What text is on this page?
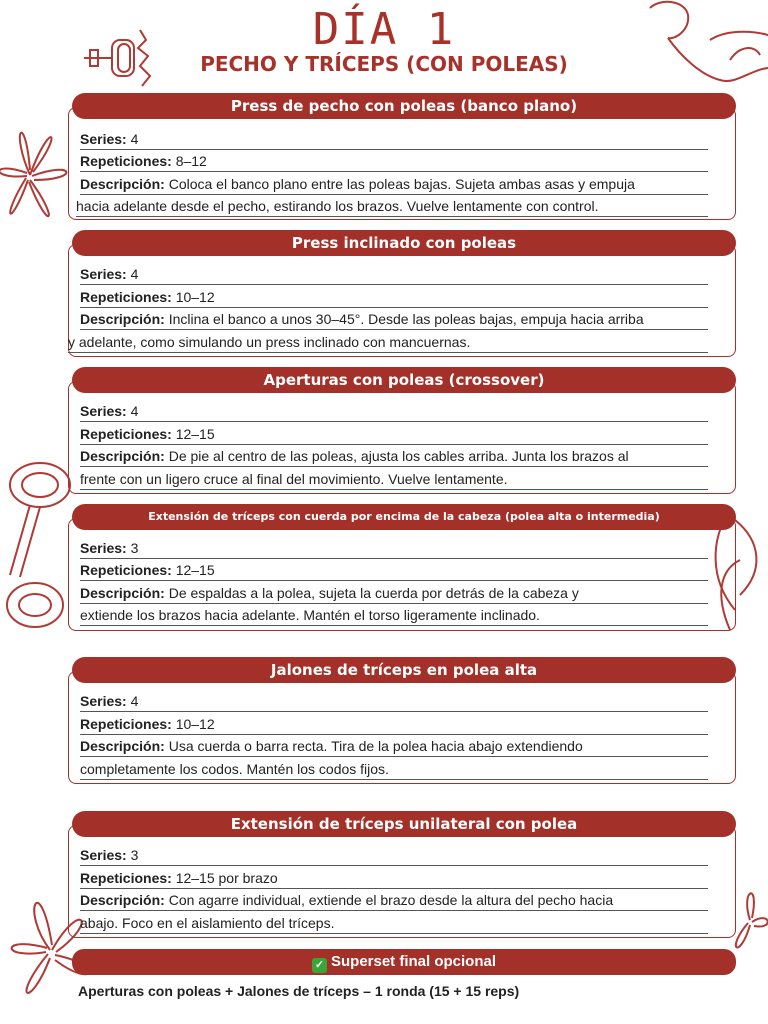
DÍA 1
PECHO Y TRÍCEPS (CON POLEAS)
Press de pecho con poleas (banco plano)
Series: 4
Repeticiones: 8–12
Descripción: Coloca el banco plano entre las poleas bajas. Sujeta ambas asas y empuja
hacia adelante desde el pecho, estirando los brazos. Vuelve lentamente con control.
Press inclinado con poleas
Series: 4
Repeticiones: 10–12
Descripción: Inclina el banco a unos 30–45°. Desde las poleas bajas, empuja hacia arriba
y adelante, como simulando un press inclinado con mancuernas.
Aperturas con poleas (crossover)
Series: 4
Repeticiones: 12–15
Descripción: De pie al centro de las poleas, ajusta los cables arriba. Junta los brazos al
frente con un ligero cruce al final del movimiento. Vuelve lentamente.
Extensión de tríceps con cuerda por encima de la cabeza (polea alta o intermedia)
Series: 3
Repeticiones: 12–15
Descripción: De espaldas a la polea, sujeta la cuerda por detrás de la cabeza y
extiende los brazos hacia adelante. Mantén el torso ligeramente inclinado.
Jalones de tríceps en polea alta
Series: 4
Repeticiones: 10–12
Descripción: Usa cuerda o barra recta. Tira de la polea hacia abajo extendiendo
completamente los codos. Mantén los codos fijos.
Extensión de tríceps unilateral con polea
Series: 3
Repeticiones: 12–15 por brazo
Descripción: Con agarre individual, extiende el brazo desde la altura del pecho hacia
abajo. Foco en el aislamiento del tríceps.
✓ Superset final opcional
Aperturas con poleas + Jalones de tríceps – 1 ronda (15 + 15 reps)
